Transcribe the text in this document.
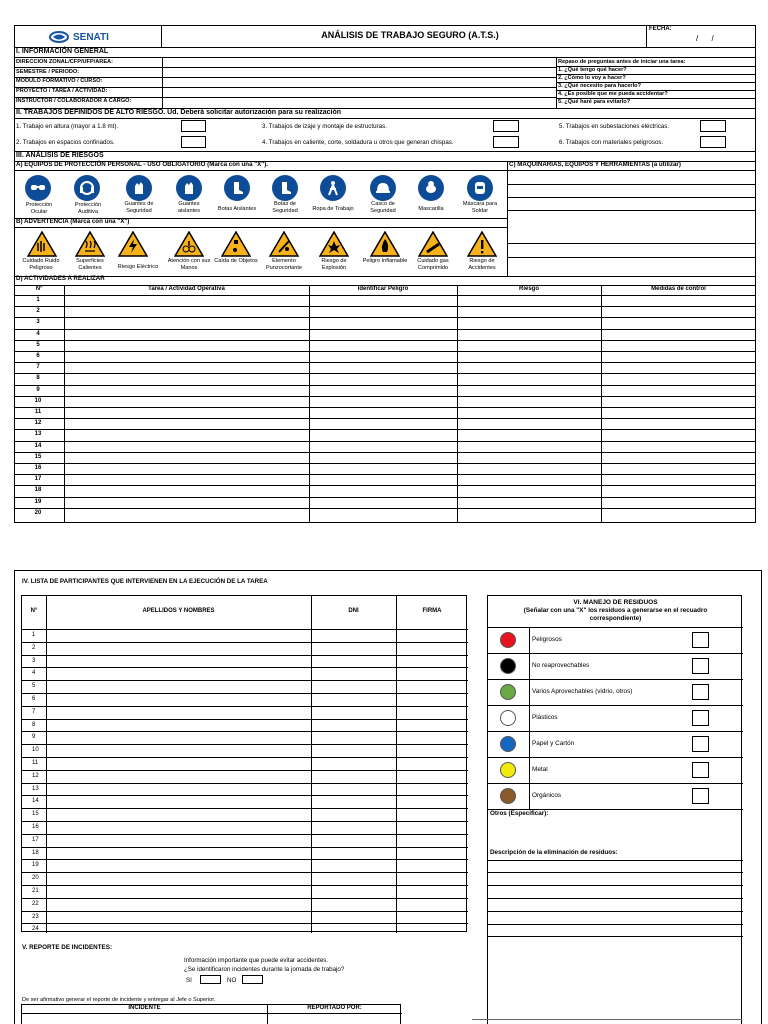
SENATI	ANÁLISIS DE TRABAJO SEGURO (A.T.S.)
FECHA:
/      /
I. INFORMACIÓN GENERAL
DIRECCION ZONAL/CFP/UFP/AREA:
SEMESTRE / PERIODO:
MODULO FORMATIVO / CURSO:
PROYECTO / TAREA / ACTIVIDAD:
INSTRUCTOR / COLABORADOR A CARGO:
Repaso de preguntas antes de iniciar una tarea:
1. ¿Qué tengo qué hacer?
2. ¿Cómo lo voy a hacer?
3. ¿Qué necesito para hacerlo?
4. ¿Es posible que me pueda accidentar?
5. ¿Qué haré para evitarlo?
II. TRABAJOS DEFINIDOS DE ALTO RIESGO. Ud. Deberá solicitar autorización para su realización
1. Trabajo en altura (mayor a 1.8 mt).	3. Trabajos de izaje y montaje de estructuras.	5. Trabajos en subestaciones eléctricas.
2. Trabajos en espacios confinados.	4. Trabajos en caliente, corte, soldadura u otros que generan chispas.	6. Trabajos con materiales peligrosos.
III. ANÁLISIS DE RIESGOS
A) EQUIPOS DE PROTECCIÓN PERSONAL - USO OBLIGATORIO (Marca con una "X").	C) MAQUINARIAS, EQUIPOS Y HERRAMIENTAS (a utilizar)
Protección Ocular
Protección Auditiva
Guantes de Seguridad
Guantes aislantes	Botas Aislantes
Botas de Seguridad	Ropa de Trabajo
Casco de Seguridad	Mascarilla
Máscara para Soldar
B) ADVERTENCIA (Marca con una "X")
Cuidado Ruido Peligroso
Superficies Calientes	Riesgo Eléctrico
Atención con sus Manos
Caída de Objetos	Elemento Punzocortante
Riesgo de Explosión
Peligro Inflamable	Cuidado gas Comprimido
Riesgo de Accidentes
D) ACTIVIDADES A REALIZAR
Nº	Tarea / Actividad Operativa	Identificar Peligro	Riesgo	Medidas de control
1
2
3
4
5
6
7
8
9
10
11
12
13
14
15
16
17
18
19
20
IV. LISTA DE PARTICIPANTES QUE INTERVIENEN EN LA EJECUCIÓN DE LA TAREA
N°	APELLIDOS Y NOMBRES	DNI	FIRMA
1
2
3
4
5
6
7
8
9
10
11
12
13
14
15
16
17
18
19
20
21
22
23
24
VI. MANEJO DE RESIDUOS
(Señalar con una "X" los residuos a generarse en el recuadro correspondiente)
Peligrosos
No reaprovechables
Varios Aprovechables (vidrio, otros)
Plásticos
Papel y Cartón
Metal
Orgánicos
Otros (Especificar):
Descripción de la eliminación de residuos:
V. REPORTE DE INCIDENTES:
Información importante que puede evitar accidentes.
¿Se identificaron incidentes durante la jornada de trabajo?
SI	NO
De ser afirmativo generar el reporte de incidente y entregar al Jefe o Superior.
INCIDENTE	REPORTADO POR:
